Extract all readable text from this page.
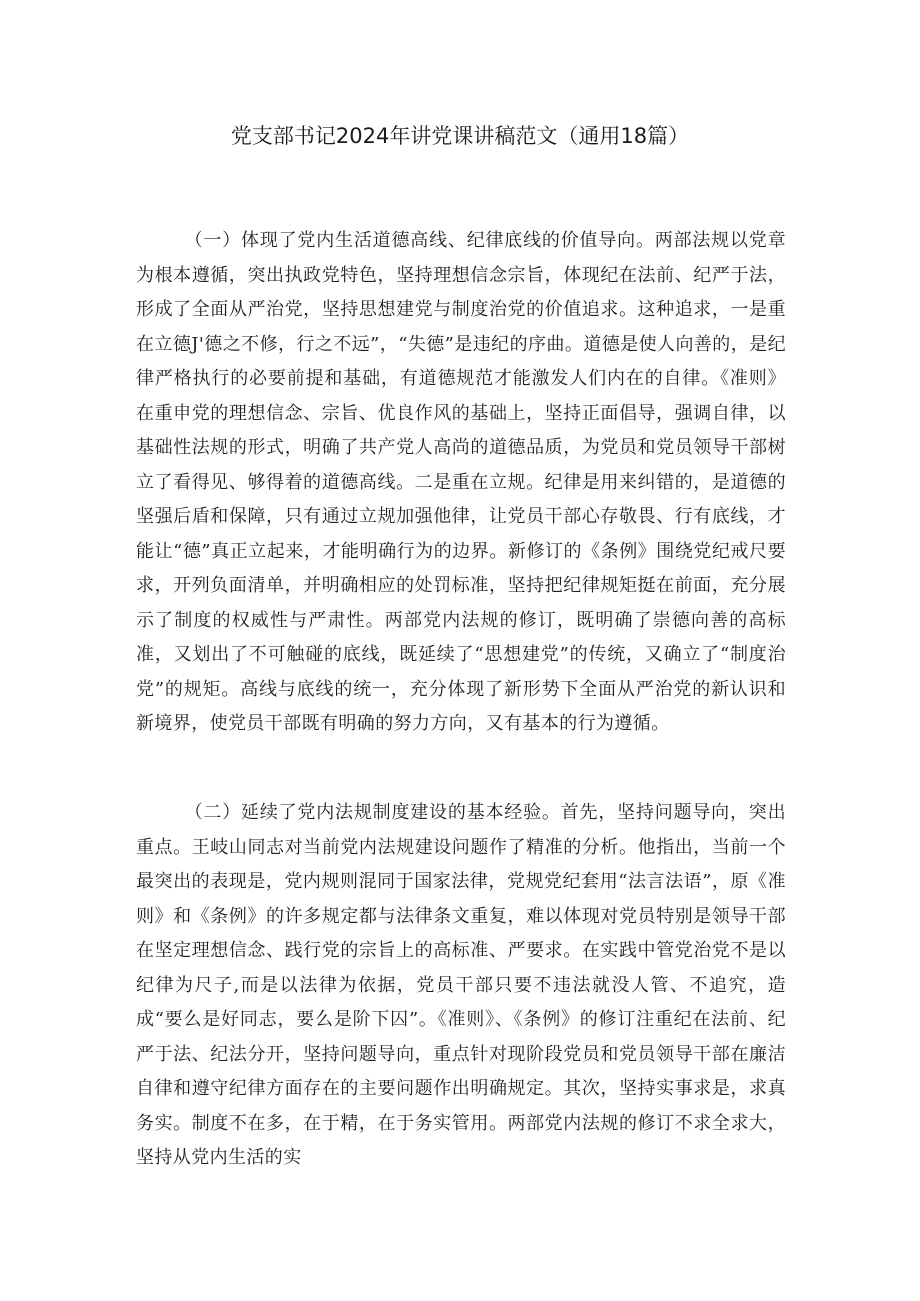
党支部书记2024年讲党课讲稿范文（通用18篇）

（一）体现了党内生活道德高线、纪律底线的价值导向。两部法规以党章为根本遵循，突出执政党特色，坚持理想信念宗旨，体现纪在法前、纪严于法，形成了全面从严治党，坚持思想建党与制度治党的价值追求。这种追求，一是重在立德J'德之不修，行之不远”，“失德”是违纪的序曲。道德是使人向善的，是纪律严格执行的必要前提和基础，有道德规范才能激发人们内在的自律。《准则》在重申党的理想信念、宗旨、优良作风的基础上，坚持正面倡导，强调自律，以基础性法规的形式，明确了共产党人高尚的道德品质，为党员和党员领导干部树立了看得见、够得着的道德高线。二是重在立规。纪律是用来纠错的，是道德的坚强后盾和保障，只有通过立规加强他律，让党员干部心存敬畏、行有底线，才能让“德”真正立起来，才能明确行为的边界。新修订的《条例》围绕党纪戒尺要求，开列负面清单，并明确相应的处罚标准，坚持把纪律规矩挺在前面，充分展示了制度的权威性与严肃性。两部党内法规的修订，既明确了崇德向善的高标准，又划出了不可触碰的底线，既延续了“思想建党”的传统，又确立了“制度治党”的规矩。高线与底线的统一，充分体现了新形势下全面从严治党的新认识和新境界，使党员干部既有明确的努力方向，又有基本的行为遵循。

（二）延续了党内法规制度建设的基本经验。首先，坚持问题导向，突出重点。王岐山同志对当前党内法规建设问题作了精准的分析。他指出，当前一个最突出的表现是，党内规则混同于国家法律，党规党纪套用“法言法语”，原《准则》和《条例》的许多规定都与法律条文重复，难以体现对党员特别是领导干部在坚定理想信念、践行党的宗旨上的高标准、严要求。在实践中管党治党不是以纪律为尺子,而是以法律为依据，党员干部只要不违法就没人管、不追究，造成“要么是好同志，要么是阶下囚”。《准则》、《条例》的修订注重纪在法前、纪严于法、纪法分开，坚持问题导向，重点针对现阶段党员和党员领导干部在廉洁自律和遵守纪律方面存在的主要问题作出明确规定。其次，坚持实事求是，求真务实。制度不在多，在于精，在于务实管用。两部党内法规的修订不求全求大，坚持从党内生活的实
